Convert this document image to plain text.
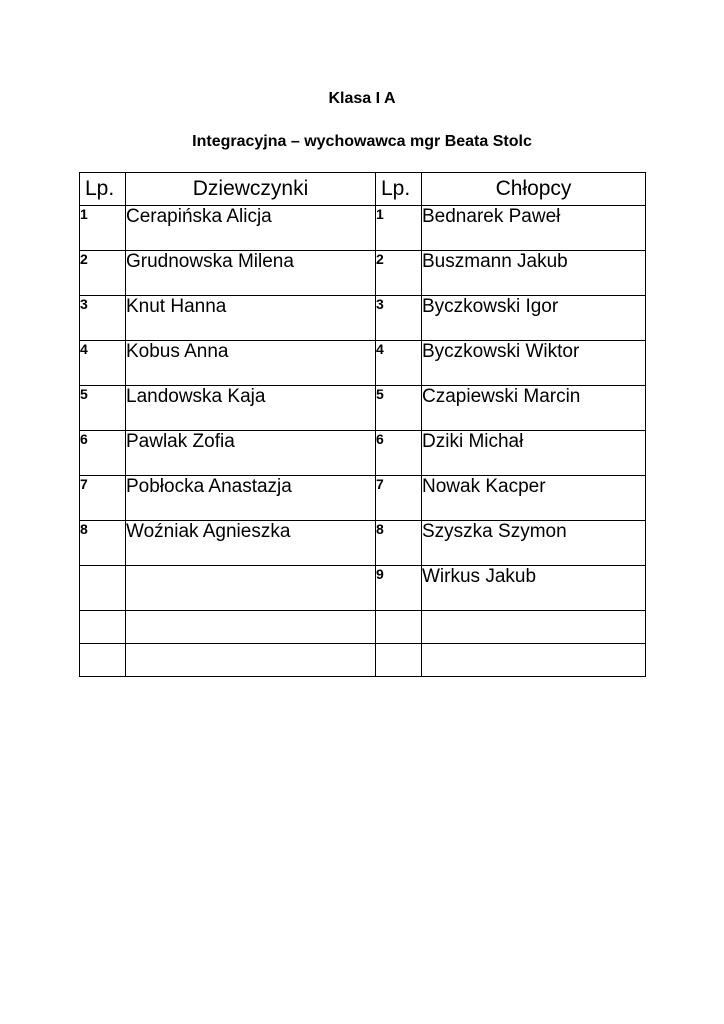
Klasa I A
Integracyjna – wychowawca mgr Beata Stolc
Lp.	Dziewczynki	Lp.	Chłopcy
1	Cerapińska Alicja	1	Bednarek Paweł
2	Grudnowska Milena	2	Buszmann Jakub
3	Knut Hanna	3	Byczkowski Igor
4	Kobus Anna	4	Byczkowski Wiktor
5	Landowska Kaja	5	Czapiewski Marcin
6	Pawlak Zofia	6	Dziki Michał
7	Pobłocka Anastazja	7	Nowak Kacper
8	Woźniak Agnieszka	8	Szyszka Szymon
		9	Wirkus Jakub
